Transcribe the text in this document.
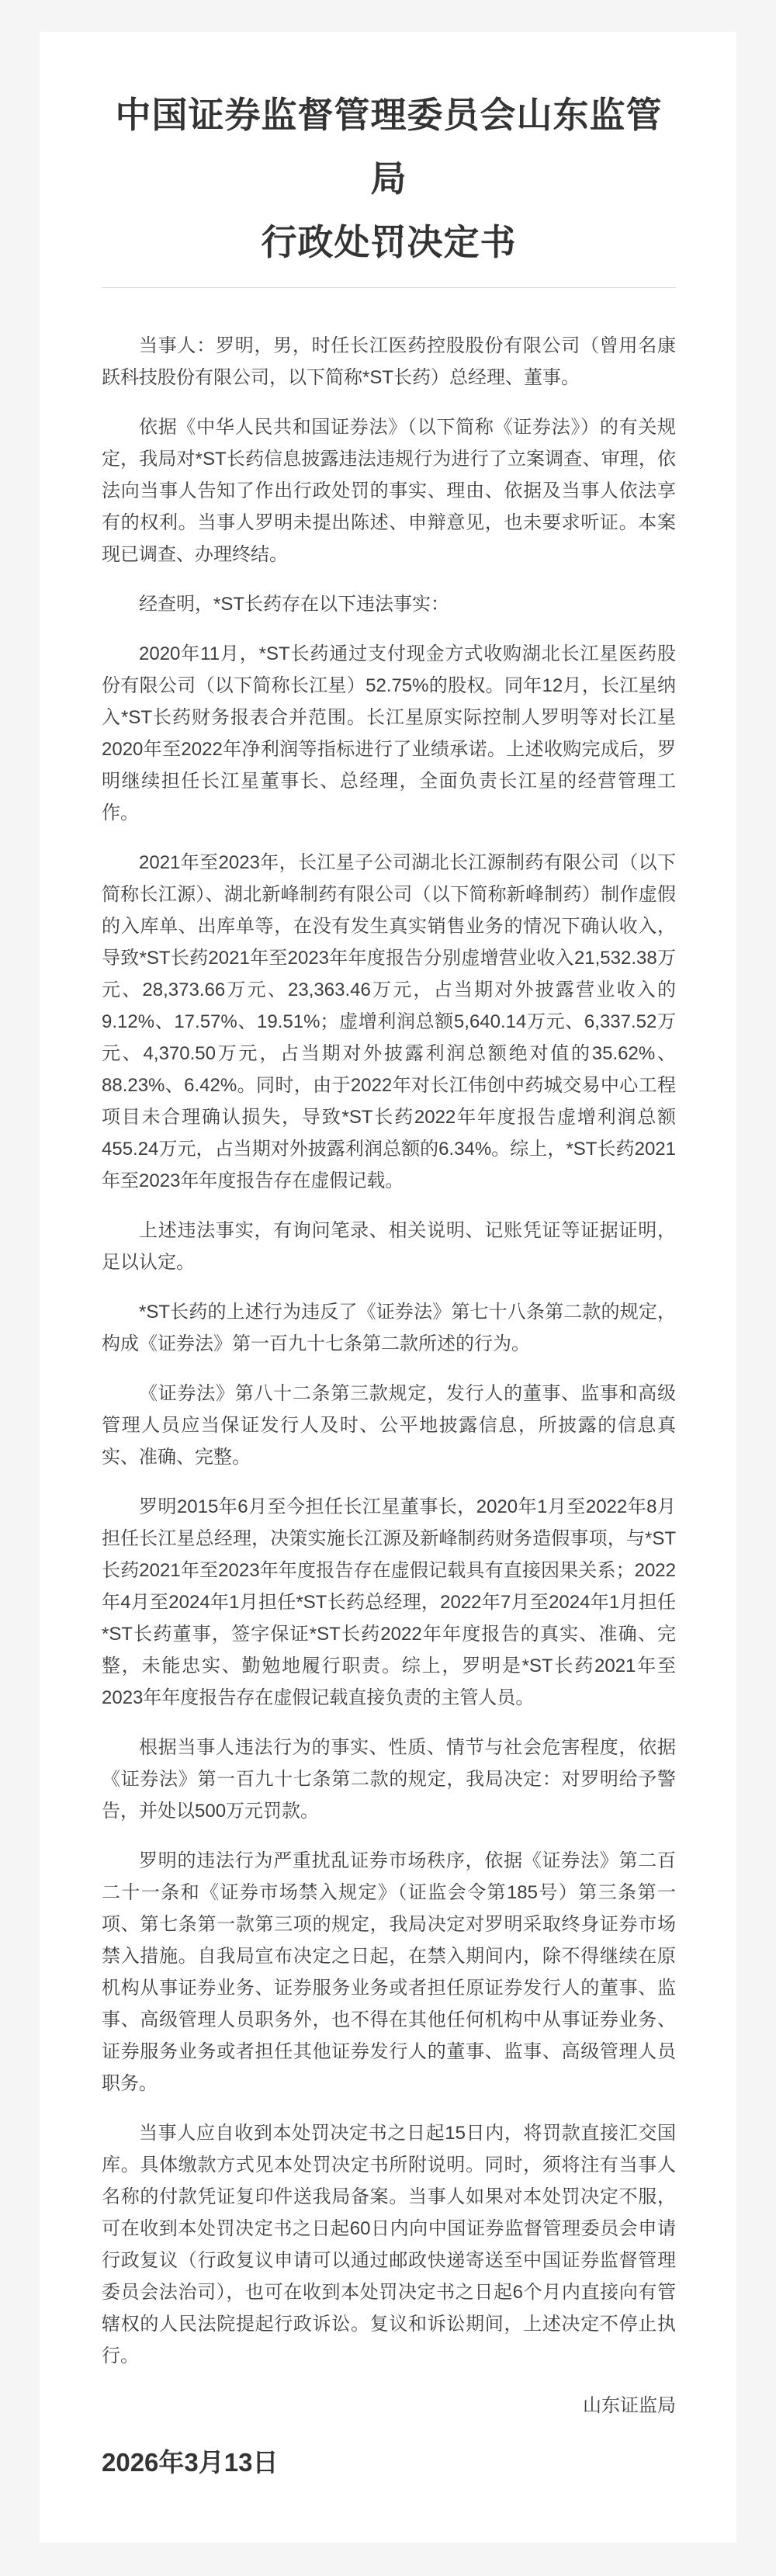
中国证券监督管理委员会山东监管局
行政处罚决定书

当事人：罗明，男，时任长江医药控股股份有限公司（曾用名康跃科技股份有限公司，以下简称*ST长药）总经理、董事。

依据《中华人民共和国证券法》（以下简称《证券法》）的有关规定，我局对*ST长药信息披露违法违规行为进行了立案调查、审理，依法向当事人告知了作出行政处罚的事实、理由、依据及当事人依法享有的权利。当事人罗明未提出陈述、申辩意见，也未要求听证。本案现已调查、办理终结。

经查明，*ST长药存在以下违法事实：

2020年11月，*ST长药通过支付现金方式收购湖北长江星医药股份有限公司（以下简称长江星）52.75%的股权。同年12月，长江星纳入*ST长药财务报表合并范围。长江星原实际控制人罗明等对长江星2020年至2022年净利润等指标进行了业绩承诺。上述收购完成后，罗明继续担任长江星董事长、总经理，全面负责长江星的经营管理工作。

2021年至2023年，长江星子公司湖北长江源制药有限公司（以下简称长江源）、湖北新峰制药有限公司（以下简称新峰制药）制作虚假的入库单、出库单等，在没有发生真实销售业务的情况下确认收入，导致*ST长药2021年至2023年年度报告分别虚增营业收入21,532.38万元、28,373.66万元、23,363.46万元，占当期对外披露营业收入的9.12%、17.57%、19.51%；虚增利润总额5,640.14万元、6,337.52万元、4,370.50万元，占当期对外披露利润总额绝对值的35.62%、88.23%、6.42%。同时，由于2022年对长江伟创中药城交易中心工程项目未合理确认损失，导致*ST长药2022年年度报告虚增利润总额455.24万元，占当期对外披露利润总额的6.34%。综上，*ST长药2021年至2023年年度报告存在虚假记载。

上述违法事实，有询问笔录、相关说明、记账凭证等证据证明，足以认定。

*ST长药的上述行为违反了《证券法》第七十八条第二款的规定，构成《证券法》第一百九十七条第二款所述的行为。

《证券法》第八十二条第三款规定，发行人的董事、监事和高级管理人员应当保证发行人及时、公平地披露信息，所披露的信息真实、准确、完整。

罗明2015年6月至今担任长江星董事长，2020年1月至2022年8月担任长江星总经理，决策实施长江源及新峰制药财务造假事项，与*ST长药2021年至2023年年度报告存在虚假记载具有直接因果关系；2022年4月至2024年1月担任*ST长药总经理，2022年7月至2024年1月担任*ST长药董事，签字保证*ST长药2022年年度报告的真实、准确、完整，未能忠实、勤勉地履行职责。综上，罗明是*ST长药2021年至2023年年度报告存在虚假记载直接负责的主管人员。

根据当事人违法行为的事实、性质、情节与社会危害程度，依据《证券法》第一百九十七条第二款的规定，我局决定：对罗明给予警告，并处以500万元罚款。

罗明的违法行为严重扰乱证券市场秩序，依据《证券法》第二百二十一条和《证券市场禁入规定》（证监会令第185号）第三条第一项、第七条第一款第三项的规定，我局决定对罗明采取终身证券市场禁入措施。自我局宣布决定之日起，在禁入期间内，除不得继续在原机构从事证券业务、证券服务业务或者担任原证券发行人的董事、监事、高级管理人员职务外，也不得在其他任何机构中从事证券业务、证券服务业务或者担任其他证券发行人的董事、监事、高级管理人员职务。

当事人应自收到本处罚决定书之日起15日内，将罚款直接汇交国库。具体缴款方式见本处罚决定书所附说明。同时，须将注有当事人名称的付款凭证复印件送我局备案。当事人如果对本处罚决定不服，可在收到本处罚决定书之日起60日内向中国证券监督管理委员会申请行政复议（行政复议申请可以通过邮政快递寄送至中国证券监督管理委员会法治司），也可在收到本处罚决定书之日起6个月内直接向有管辖权的人民法院提起行政诉讼。复议和诉讼期间，上述决定不停止执行。

山东证监局
2026年3月13日
